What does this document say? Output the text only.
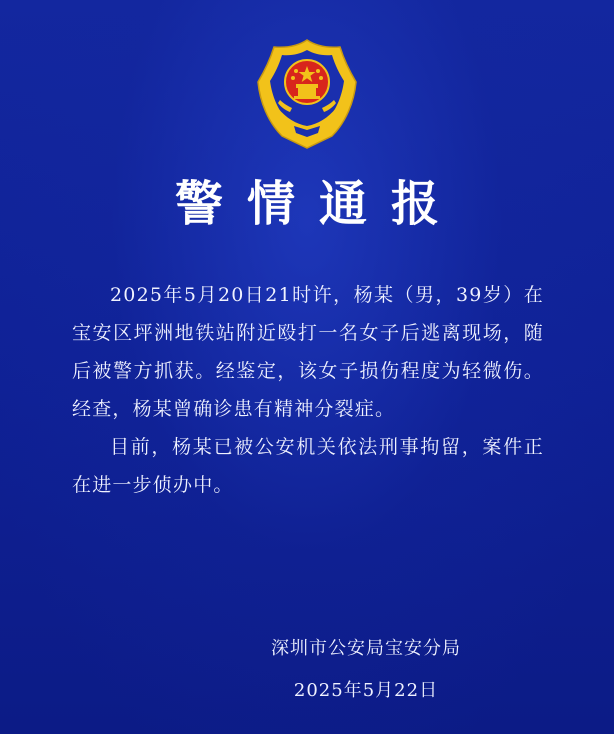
警情通报

2025年5月20日21时许，杨某（男，39岁）在宝安区坪洲地铁站附近殴打一名女子后逃离现场，随后被警方抓获。经鉴定，该女子损伤程度为轻微伤。经查，杨某曾确诊患有精神分裂症。

目前，杨某已被公安机关依法刑事拘留，案件正在进一步侦办中。

深圳市公安局宝安分局
2025年5月22日
